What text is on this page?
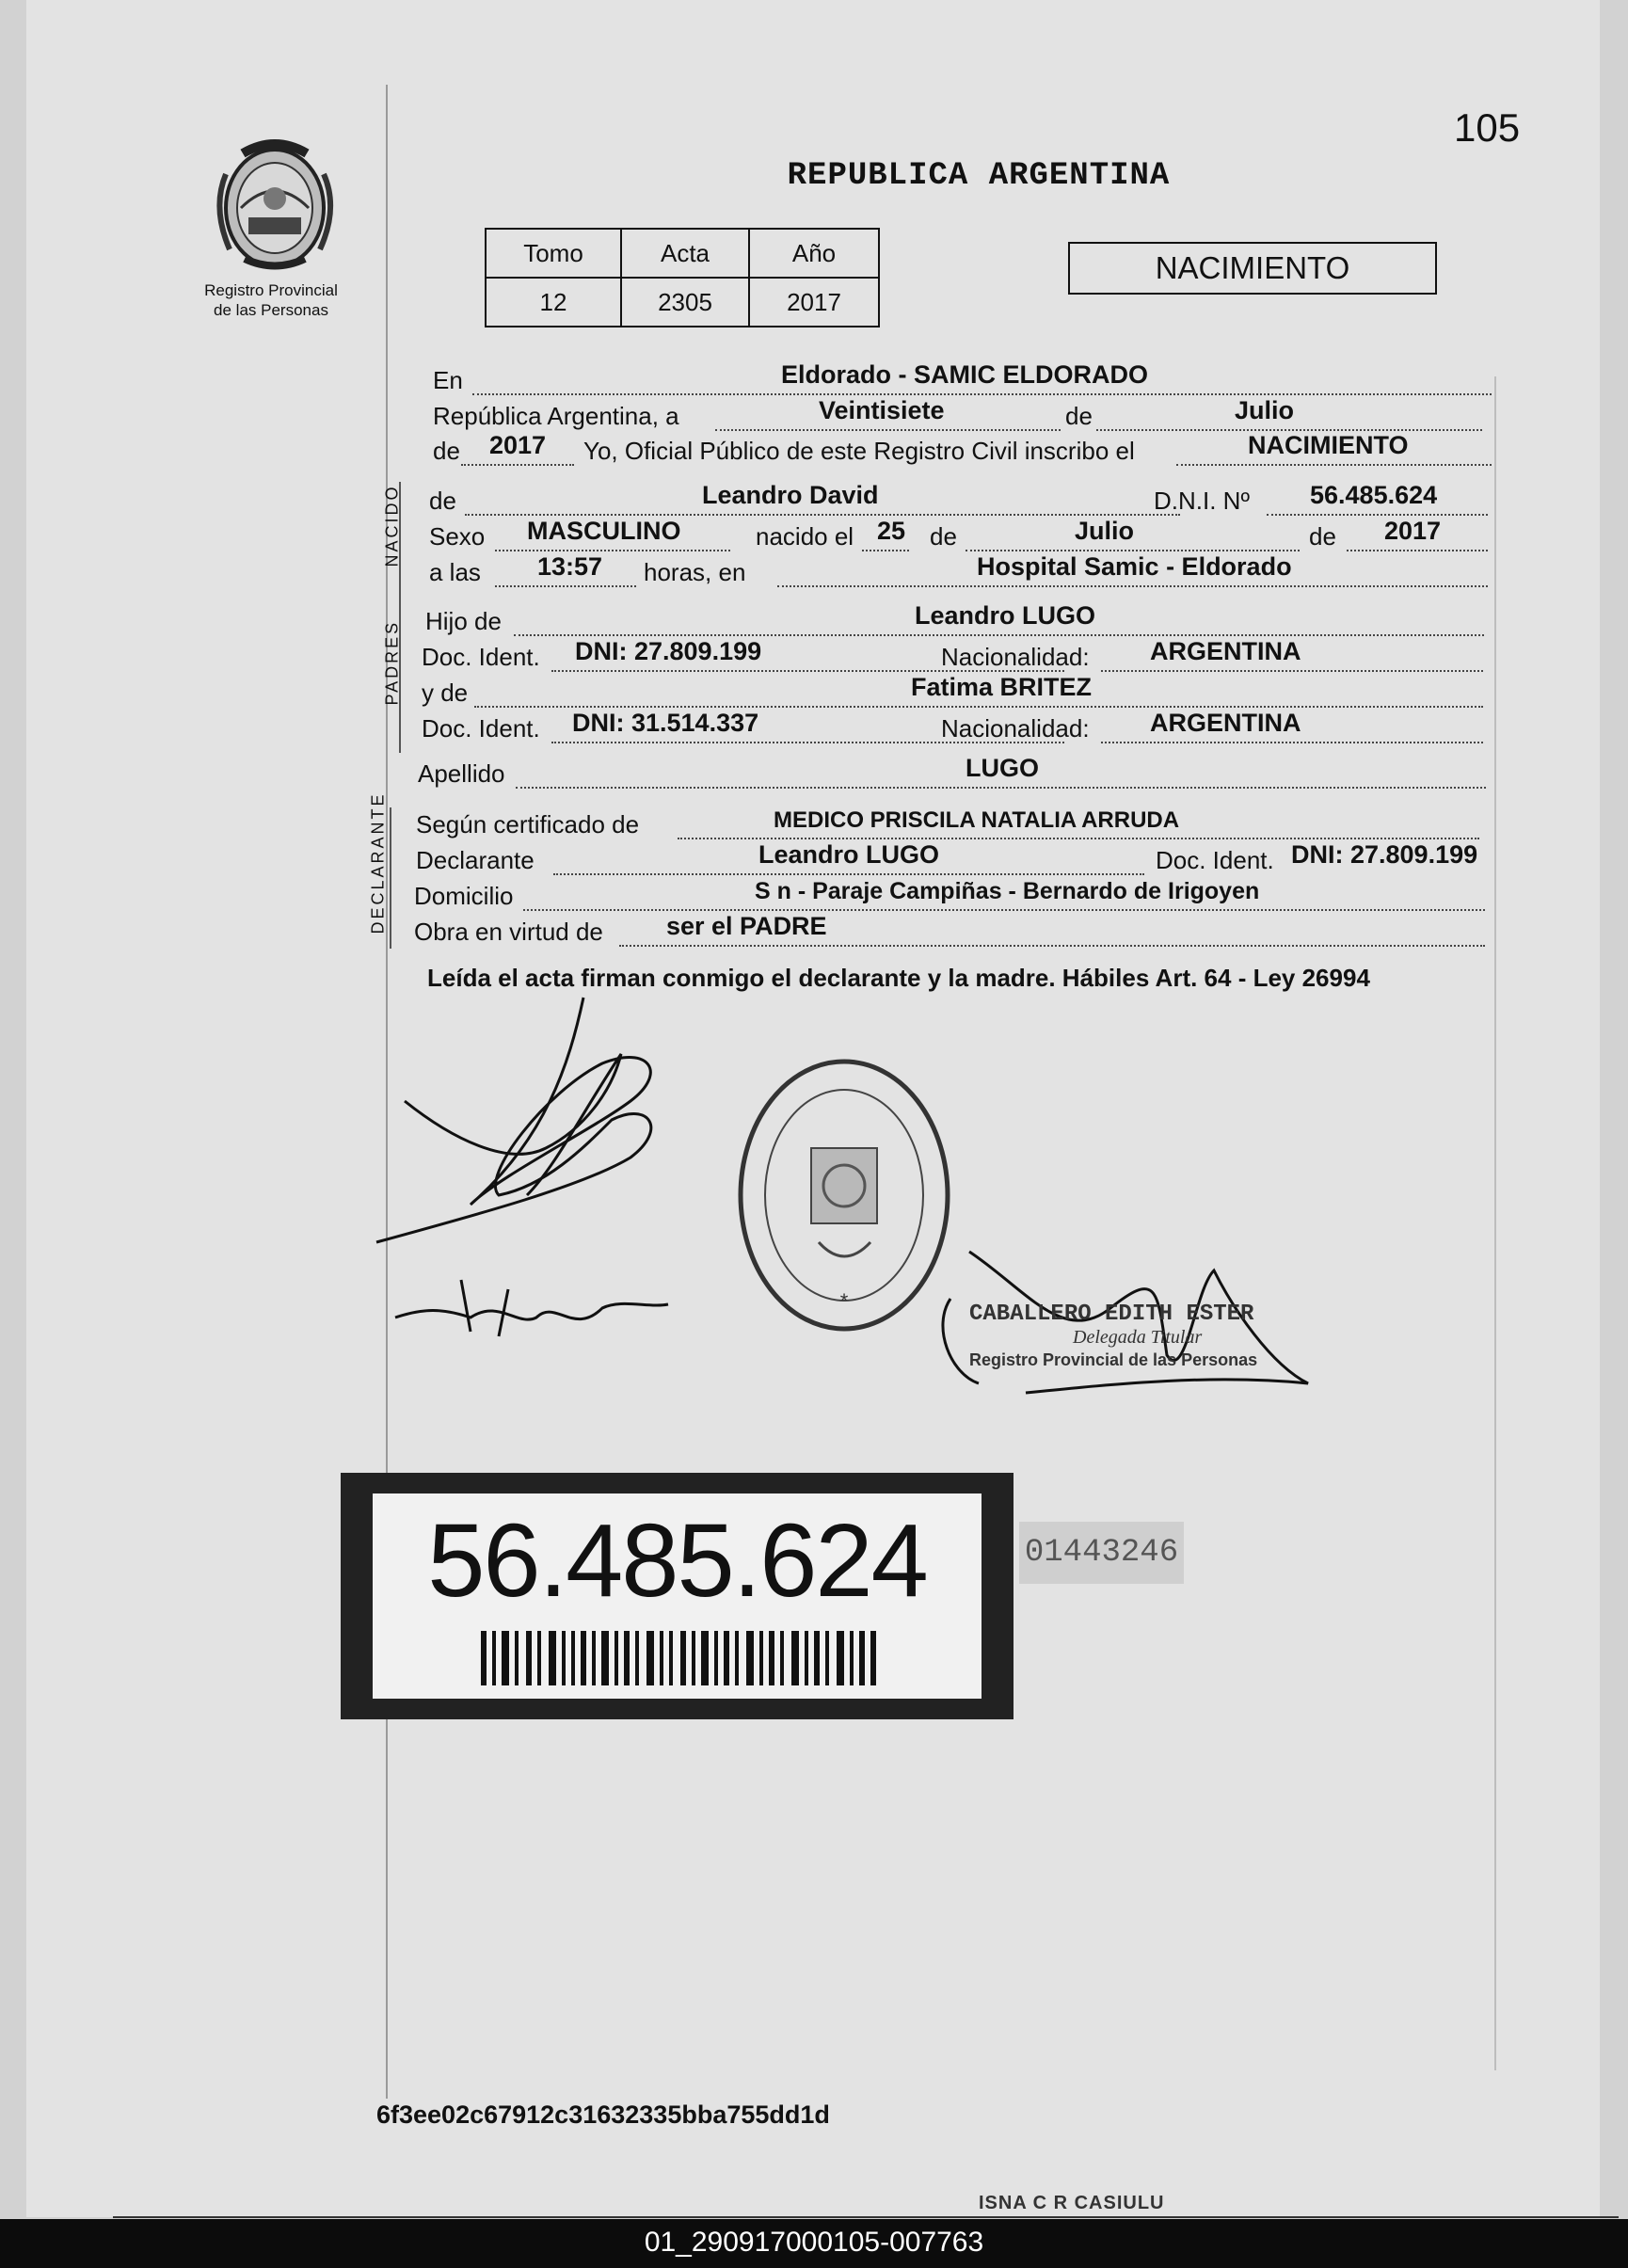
105
Registro Provincial
de las Personas
REPUBLICA ARGENTINA
Tomo	Acta	Año
12	2305	2017
NACIMIENTO
En	Eldorado - SAMIC ELDORADO
República Argentina, a	Veintisiete	de	Julio
de 2017 Yo, Oficial Público de este Registro Civil inscribo el	NACIMIENTO
NACIDO de	Leandro David	D.N.I. Nº 56.485.624
Sexo MASCULINO	nacido el 25 de	Julio	de 2017
a las 13:57 horas, en	Hospital Samic - Eldorado
PADRES Hijo de	Leandro LUGO
Doc. Ident. DNI: 27.809.199	Nacionalidad: ARGENTINA
y de	Fatima BRITEZ
Doc. Ident. DNI: 31.514.337	Nacionalidad: ARGENTINA
Apellido	LUGO
DECLARANTE Según certificado de	MEDICO PRISCILA NATALIA ARRUDA
Declarante	Leandro LUGO	Doc. Ident. DNI: 27.809.199
Domicilio	S n - Paraje Campiñas - Bernardo de Irigoyen
Obra en virtud de ser el PADRE
Leída el acta firman conmigo el declarante y la madre. Hábiles Art. 64 - Ley 26994
*
CABALLERO EDITH ESTER
Delegada Titular
Registro Provincial de las Personas
56.485.624	01443246
6f3ee02c67912c31632335bba755dd1d
ISNA C R CASIULU
01_290917000105-007763
